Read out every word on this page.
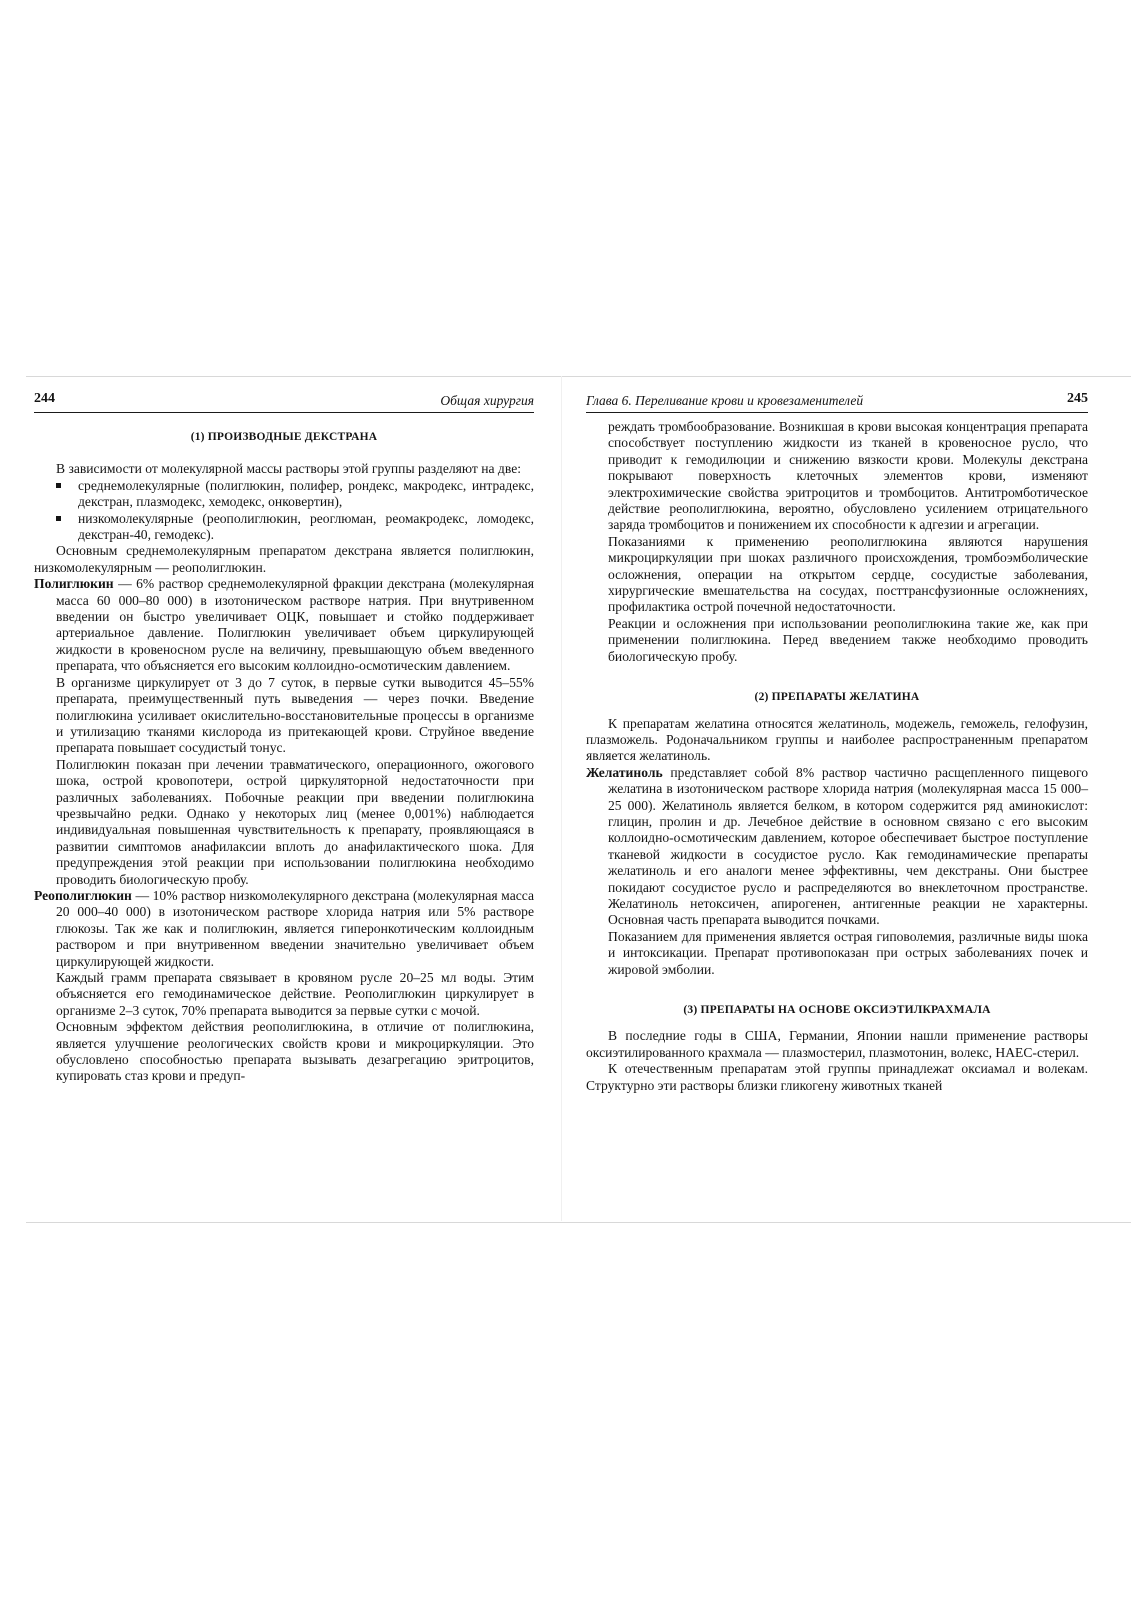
244	Общая хирургия

(1) ПРОИЗВОДНЫЕ ДЕКСТРАНА

В зависимости от молекулярной массы растворы этой группы разделяют на две:

среднемолекулярные (полиглюкин, полифер, рондекс, макродекс, интрадекс, декстран, плазмодекс, хемодекс, онковертин),
низкомолекулярные (реополиглюкин, реоглюман, реомакродекс, ломодекс, декстран-40, гемодекс).

Основным среднемолекулярным препаратом декстрана является полиглюкин, низкомолекулярным — реополиглюкин.

Полиглюкин — 6% раствор среднемолекулярной фракции декстрана (молекулярная масса 60 000–80 000) в изотоническом растворе натрия. При внутривенном введении он быстро увеличивает ОЦК, повышает и стойко поддерживает артериальное давление. Полиглюкин увеличивает объем циркулирующей жидкости в кровеносном русле на величину, превышающую объем введенного препарата, что объясняется его высоким коллоидно-осмотическим давлением.

В организме циркулирует от 3 до 7 суток, в первые сутки выводится 45–55% препарата, преимущественный путь выведения — через почки. Введение полиглюкина усиливает окислительно-восстановительные процессы в организме и утилизацию тканями кислорода из притекающей крови. Струйное введение препарата повышает сосудистый тонус.

Полиглюкин показан при лечении травматического, операционного, ожогового шока, острой кровопотери, острой циркуляторной недостаточности при различных заболеваниях. Побочные реакции при введении полиглюкина чрезвычайно редки. Однако у некоторых лиц (менее 0,001%) наблюдается индивидуальная повышенная чувствительность к препарату, проявляющаяся в развитии симптомов анафилаксии вплоть до анафилактического шока. Для предупреждения этой реакции при использовании полиглюкина необходимо проводить биологическую пробу.

Реополиглюкин — 10% раствор низкомолекулярного декстрана (молекулярная масса 20 000–40 000) в изотоническом растворе хлорида натрия или 5% растворе глюкозы. Так же как и полиглюкин, является гиперонкотическим коллоидным раствором и при внутривенном введении значительно увеличивает объем циркулирующей жидкости.

Каждый грамм препарата связывает в кровяном русле 20–25 мл воды. Этим объясняется его гемодинамическое действие. Реополиглюкин циркулирует в организме 2–3 суток, 70% препарата выводится за первые сутки с мочой.

Основным эффектом действия реополиглюкина, в отличие от полиглюкина, является улучшение реологических свойств крови и микроциркуляции. Это обусловлено способностью препарата вызывать дезагрегацию эритроцитов, купировать стаз крови и предуп-

Глава 6. Переливание крови и кровезаменителей	245

реждать тромбообразование. Возникшая в крови высокая концентрация препарата способствует поступлению жидкости из тканей в кровеносное русло, что приводит к гемодилюции и снижению вязкости крови. Молекулы декстрана покрывают поверхность клеточных элементов крови, изменяют электрохимические свойства эритроцитов и тромбоцитов. Антитромботическое действие реополиглюкина, вероятно, обусловлено усилением отрицательного заряда тромбоцитов и понижением их способности к адгезии и агрегации.

Показаниями к применению реополиглюкина являются нарушения микроциркуляции при шоках различного происхождения, тромбоэмболические осложнения, операции на открытом сердце, сосудистые заболевания, хирургические вмешательства на сосудах, посттрансфузионные осложнениях, профилактика острой почечной недостаточности.

Реакции и осложнения при использовании реополиглюкина такие же, как при применении полиглюкина. Перед введением также необходимо проводить биологическую пробу.

(2) ПРЕПАРАТЫ ЖЕЛАТИНА

К препаратам желатина относятся желатиноль, модежель, геможель, гелофузин, плазможель. Родоначальником группы и наиболее распространенным препаратом является желатиноль.

Желатиноль представляет собой 8% раствор частично расщепленного пищевого желатина в изотоническом растворе хлорида натрия (молекулярная масса 15 000–25 000). Желатиноль является белком, в котором содержится ряд аминокислот: глицин, пролин и др. Лечебное действие в основном связано с его высоким коллоидно-осмотическим давлением, которое обеспечивает быстрое поступление тканевой жидкости в сосудистое русло. Как гемодинамические препараты желатиноль и его аналоги менее эффективны, чем декстраны. Они быстрее покидают сосудистое русло и распределяются во внеклеточном пространстве. Желатиноль нетоксичен, апирогенен, антигенные реакции не характерны. Основная часть препарата выводится почками.

Показанием для применения является острая гиповолемия, различные виды шока и интоксикации. Препарат противопоказан при острых заболеваниях почек и жировой эмболии.

(3) ПРЕПАРАТЫ НА ОСНОВЕ ОКСИЭТИЛКРАХМАЛА

В последние годы в США, Германии, Японии нашли применение растворы оксиэтилированного крахмала — плазмостерил, плазмотонин, волекс, НАЕС-стерил.

К отечественным препаратам этой группы принадлежат оксиамал и волекам. Структурно эти растворы близки гликогену животных тканей
